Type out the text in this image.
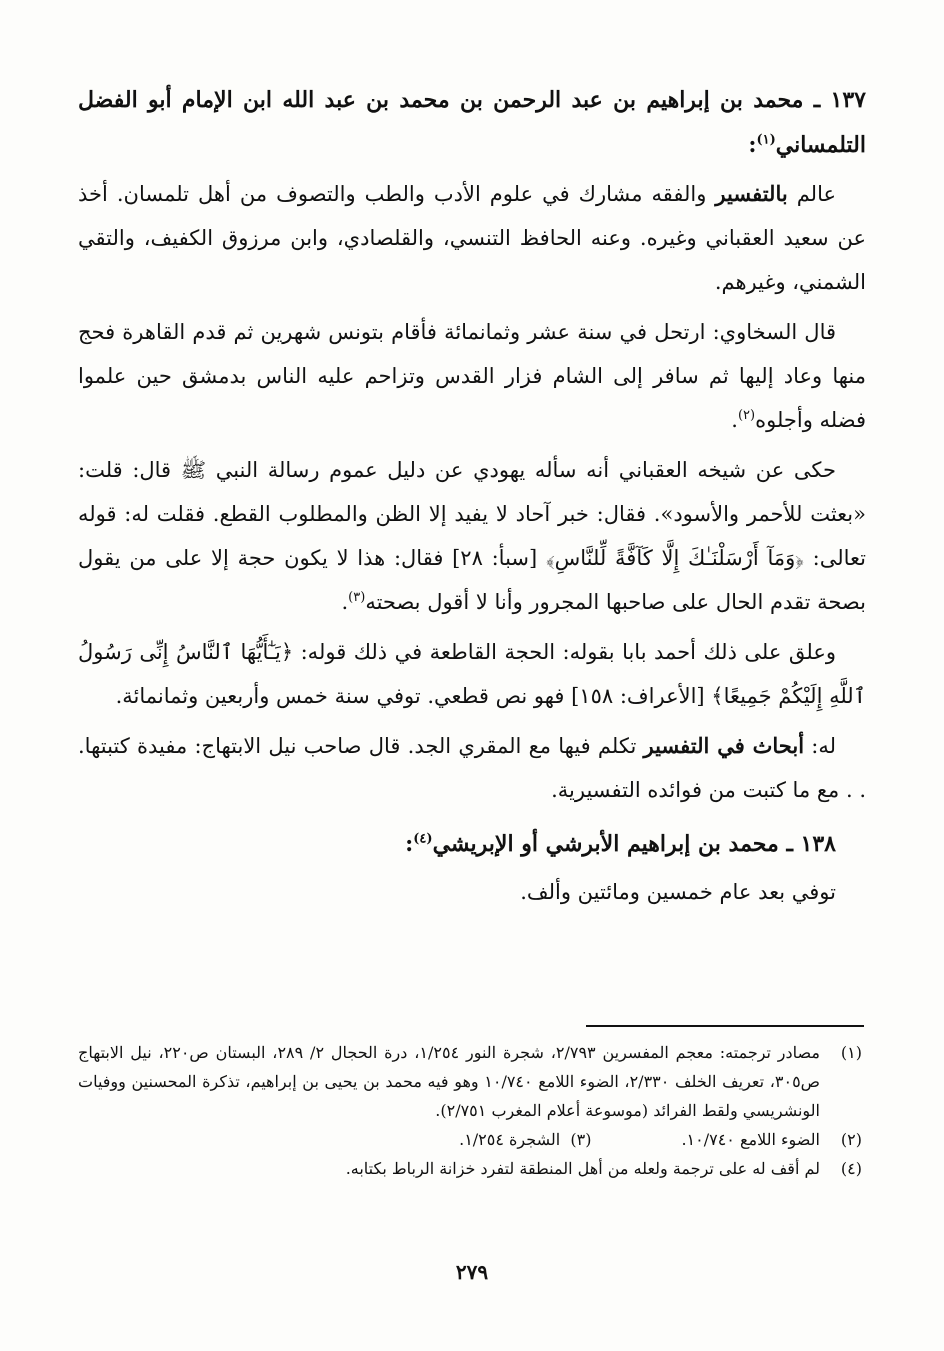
١٣٧ ـ محمد بن إبراهيم بن عبد الرحمن بن محمد بن عبد الله ابن الإمام أبو الفضل التلمساني$^{(١)}$:

عالم بالتفسير والفقه مشارك في علوم الأدب والطب والتصوف من أهل تلمسان. أخذ عن سعيد العقباني وغيره. وعنه الحافظ التنسي، والقلصادي، وابن مرزوق الكفيف، والتقي الشمني، وغيرهم.

قال السخاوي: ارتحل في سنة عشر وثمانمائة فأقام بتونس شهرين ثم قدم القاهرة فحج منها وعاد إليها ثم سافر إلى الشام فزار القدس وتزاحم عليه الناس بدمشق حين علموا فضله وأجلوه$^{(٢)}$.

حكى عن شيخه العقباني أنه سأله يهودي عن دليل عموم رسالة النبي ﷺ قال: قلت: «بعثت للأحمر والأسود». فقال: خبر آحاد لا يفيد إلا الظن والمطلوب القطع. فقلت له: قوله تعالى: ﴿وَمَآ أَرْسَلْنَـٰكَ إِلَّا كَآفَّةً لِّلنَّاسِ﴾ [سبأ: ٢٨] فقال: هذا لا يكون حجة إلا على من يقول بصحة تقدم الحال على صاحبها المجرور وأنا لا أقول بصحته$^{(٣)}$.

وعلق على ذلك أحمد بابا بقوله: الحجة القاطعة في ذلك قوله: ﴿يَـٰٓأَيُّهَا ٱلنَّاسُ إِنِّى رَسُولُ ٱللَّهِ إِلَيْكُمْ جَمِيعًا﴾ [الأعراف: ١٥٨] فهو نص قطعي. توفي سنة خمس وأربعين وثمانمائة.

له: أبحاث في التفسير تكلم فيها مع المقري الجد. قال صاحب نيل الابتهاج: مفيدة كتبتها. . . مع ما كتبت من فوائده التفسيرية.

١٣٨ ـ محمد بن إبراهيم الأبرشي أو الإبريشي$^{(٤)}$:

توفي بعد عام خمسين ومائتين وألف.

(١)
مصادر ترجمته: معجم المفسرين ٢/٧٩٣، شجرة النور ١/٢٥٤، درة الحجال ٢/ ٢٨٩، البستان ص٢٢٠، نيل الابتهاج ص٣٠٥، تعريف الخلف ٢/٣٣٠، الضوء اللامع ١٠/٧٤٠ وهو فيه محمد بن يحيى بن إبراهيم، تذكرة المحسنين ووفيات الونشريسي ولقط الفرائد (موسوعة أعلام المغرب ٢/٧٥١).
(٢)
الضوء اللامع ١٠/٧٤٠.
(٣)  الشجرة ١/٢٥٤.
(٤)
لم أقف له على ترجمة ولعله من أهل المنطقة لتفرد خزانة الرباط بكتابه.
٢٧٩
